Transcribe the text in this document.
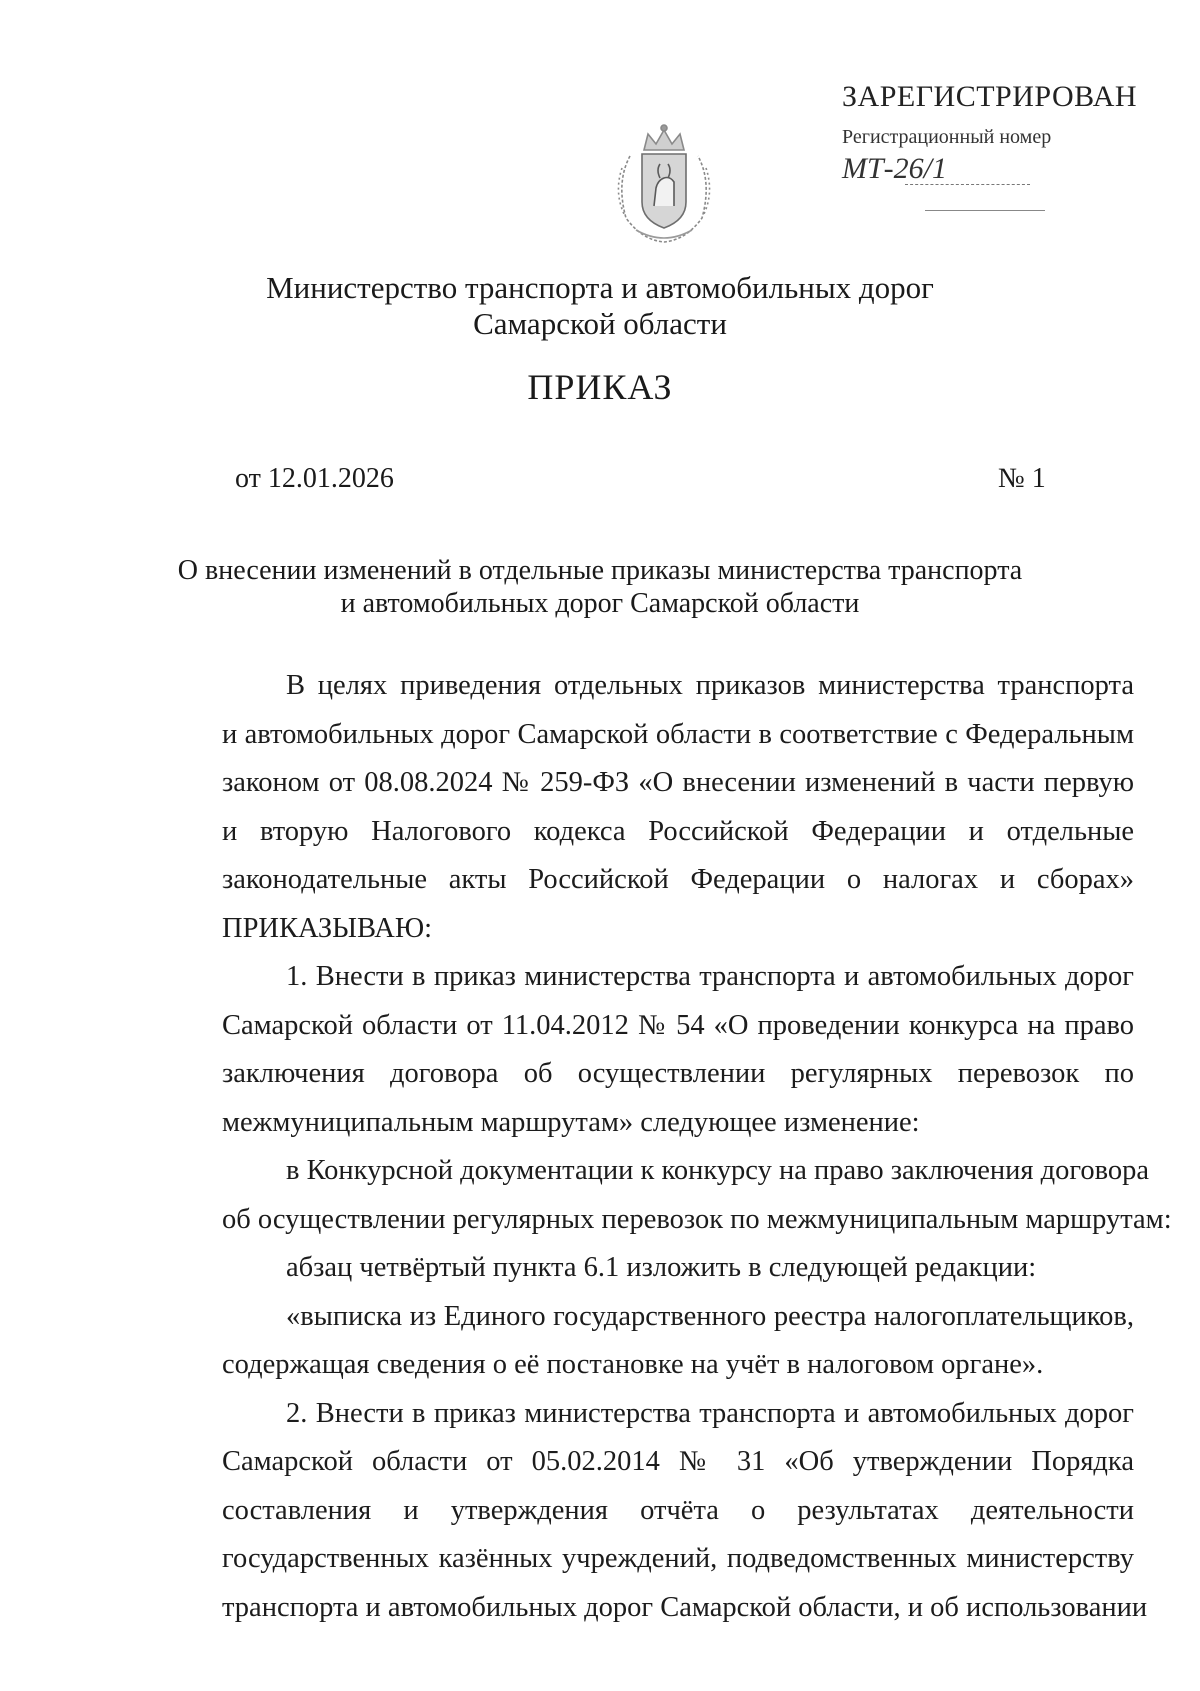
ЗАРЕГИСТРИРОВАН
Регистрационный номер
МТ-26/1
Министерство транспорта и автомобильных дорог
Самарской области
ПРИКАЗ
от 12.01.2026	№ 1
О внесении изменений в отдельные приказы министерства транспорта
и автомобильных дорог Самарской области
В целях приведения отдельных приказов министерства транспорта
и автомобильных дорог Самарской области в соответствие с Федеральным
законом от 08.08.2024 № 259-ФЗ «О внесении изменений в части первую
и вторую Налогового кодекса Российской Федерации и отдельные
законодательные акты Российской Федерации о налогах и сборах»
ПРИКАЗЫВАЮ:
1. Внести в приказ министерства транспорта и автомобильных дорог
Самарской области от 11.04.2012 № 54 «О проведении конкурса на право
заключения договора об осуществлении регулярных перевозок по
межмуниципальным маршрутам» следующее изменение:
в Конкурсной документации к конкурсу на право заключения договора
об осуществлении регулярных перевозок по межмуниципальным маршрутам:
абзац четвёртый пункта 6.1 изложить в следующей редакции:
«выписка из Единого государственного реестра налогоплательщиков,
содержащая сведения о её постановке на учёт в налоговом органе».
2. Внести в приказ министерства транспорта и автомобильных дорог
Самарской области от 05.02.2014 № 31 «Об утверждении Порядка
составления и утверждения отчёта о результатах деятельности
государственных казённых учреждений, подведомственных министерству
транспорта и автомобильных дорог Самарской области, и об использовании
